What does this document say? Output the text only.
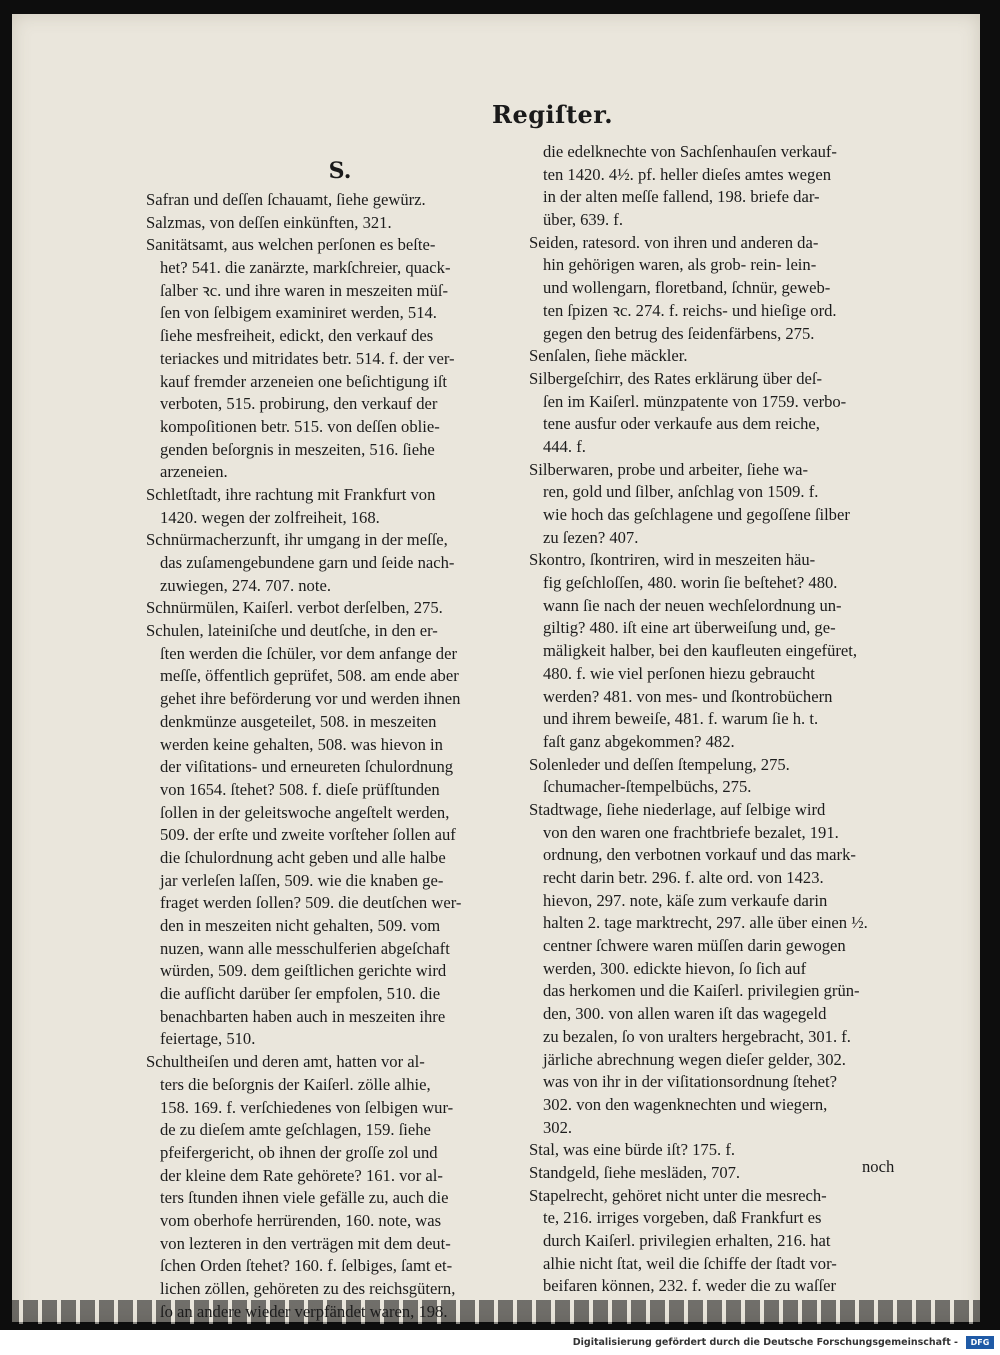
Regiſter.
S.
Safran und deſſen ſchauamt, ſiehe gewürz.
Salzmas, von deſſen einkünften, 321.
Sanitätsamt, aus welchen perſonen es beſte-
het? 541. die zanärzte, markſchreier, quack-
ſalber ꝛc. und ihre waren in meszeiten müſ-
ſen von ſelbigem examiniret werden, 514.
ſiehe mesfreiheit, edickt, den verkauf des
teriackes und mitridates betr. 514. f. der ver-
kauf fremder arzeneien one beſichtigung iſt
verboten, 515. probirung, den verkauf der
kompoſitionen betr. 515. von deſſen oblie-
genden beſorgnis in meszeiten, 516. ſiehe
arzeneien.
Schletſtadt, ihre rachtung mit Frankfurt von
1420. wegen der zolfreiheit, 168.
Schnürmacherzunft, ihr umgang in der meſſe,
das zuſamengebundene garn und ſeide nach-
zuwiegen, 274. 707. note.
Schnürmülen, Kaiſerl. verbot derſelben, 275.
Schulen, lateiniſche und deutſche, in den er-
ſten werden die ſchüler, vor dem anfange der
meſſe, öffentlich geprüfet, 508. am ende aber
gehet ihre beförderung vor und werden ihnen
denkmünze ausgeteilet, 508. in meszeiten
werden keine gehalten, 508. was hievon in
der viſitations- und erneureten ſchulordnung
von 1654. ſtehet? 508. f. dieſe prüfſtunden
ſollen in der geleitswoche angeſtelt werden,
509. der erſte und zweite vorſteher ſollen auf
die ſchulordnung acht geben und alle halbe
jar verleſen laſſen, 509. wie die knaben ge-
fraget werden ſollen? 509. die deutſchen wer-
den in meszeiten nicht gehalten, 509. vom
nuzen, wann alle messchulferien abgeſchaft
würden, 509. dem geiſtlichen gerichte wird
die aufſicht darüber ſer empfolen, 510. die
benachbarten haben auch in meszeiten ihre
feiertage, 510.
Schultheiſen und deren amt, hatten vor al-
ters die beſorgnis der Kaiſerl. zölle alhie,
158. 169. f. verſchiedenes von ſelbigen wur-
de zu dieſem amte geſchlagen, 159. ſiehe
pfeifergericht, ob ihnen der groſſe zol und
der kleine dem Rate gehörete? 161. vor al-
ters ſtunden ihnen viele gefälle zu, auch die
vom oberhofe herrürenden, 160. note, was
von lezteren in den verträgen mit dem deut-
ſchen Orden ſtehet? 160. f. ſelbiges, ſamt et-
lichen zöllen, gehöreten zu des reichsgütern,
ſo an andere wieder verpfändet waren, 198.
die edelknechte von Sachſenhauſen verkauf-
ten 1420. 4½. pf. heller dieſes amtes wegen
in der alten meſſe fallend, 198. briefe dar-
über, 639. f.
Seiden, ratesord. von ihren und anderen da-
hin gehörigen waren, als grob- rein- lein-
und wollengarn, floretband, ſchnür, geweb-
ten ſpizen ꝛc. 274. f. reichs- und hieſige ord.
gegen den betrug des ſeidenfärbens, 275.
Senſalen, ſiehe mäckler.
Silbergeſchirr, des Rates erklärung über deſ-
ſen im Kaiſerl. münzpatente von 1759. verbo-
tene ausfur oder verkaufe aus dem reiche,
444. f.
Silberwaren, probe und arbeiter, ſiehe wa-
ren, gold und ſilber, anſchlag von 1509. f.
wie hoch das geſchlagene und gegoſſene ſilber
zu ſezen? 407.
Skontro, ſkontriren, wird in meszeiten häu-
fig geſchloſſen, 480. worin ſie beſtehet? 480.
wann ſie nach der neuen wechſelordnung un-
giltig? 480. iſt eine art überweiſung und, ge-
mäligkeit halber, bei den kaufleuten eingefüret,
480. f. wie viel perſonen hiezu gebraucht
werden? 481. von mes- und ſkontrobüchern
und ihrem beweiſe, 481. f. warum ſie h. t.
faſt ganz abgekommen? 482.
Solenleder und deſſen ſtempelung, 275.
ſchumacher-ſtempelbüchs, 275.
Stadtwage, ſiehe niederlage, auf ſelbige wird
von den waren one frachtbriefe bezalet, 191.
ordnung, den verbotnen vorkauf und das mark-
recht darin betr. 296. f. alte ord. von 1423.
hievon, 297. note, käſe zum verkaufe darin
halten 2. tage marktrecht, 297. alle über einen ½.
centner ſchwere waren müſſen darin gewogen
werden, 300. edickte hievon, ſo ſich auf
das herkomen und die Kaiſerl. privilegien grün-
den, 300. von allen waren iſt das wagegeld
zu bezalen, ſo von uralters hergebracht, 301. f.
järliche abrechnung wegen dieſer gelder, 302.
was von ihr in der viſitationsordnung ſtehet?
302. von den wagenknechten und wiegern,
302.
Stal, was eine bürde iſt? 175. f.
Standgeld, ſiehe mesläden, 707.
Stapelrecht, gehöret nicht unter die mesrech-
te, 216. irriges vorgeben, daß Frankfurt es
durch Kaiſerl. privilegien erhalten, 216. hat
alhie nicht ſtat, weil die ſchiffe der ſtadt vor-
beifaren können, 232. f. weder die zu waſſer
noch
Digitalisierung gefördert durch die Deutsche Forschungsgemeinschaft -	DFG
